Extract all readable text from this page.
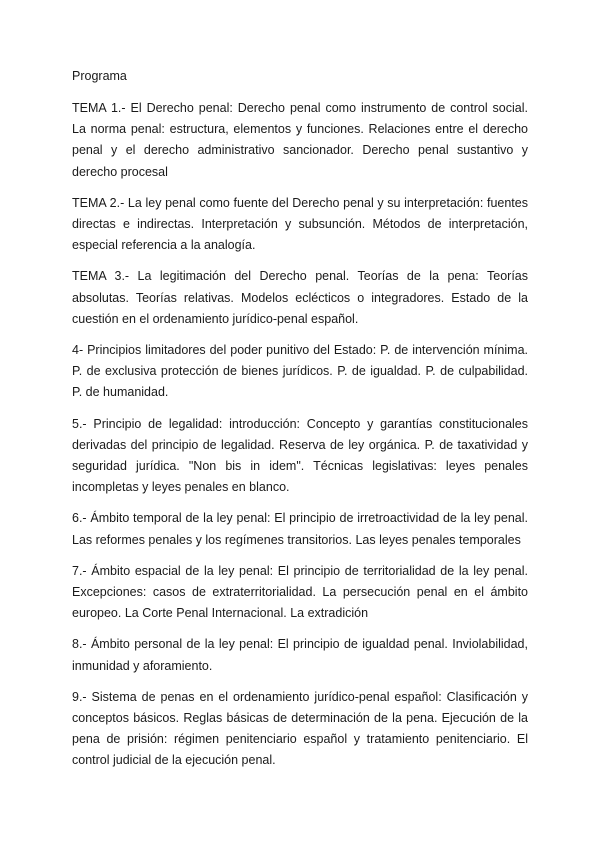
Programa
TEMA 1.- El Derecho penal: Derecho penal como instrumento de control social. La norma penal: estructura, elementos y funciones. Relaciones entre el derecho penal y el derecho administrativo sancionador. Derecho penal sustantivo y derecho procesal
TEMA 2.- La ley penal como fuente del Derecho penal y su interpretación: fuentes directas e indirectas. Interpretación y subsunción. Métodos de interpretación, especial referencia a la analogía.
TEMA 3.- La legitimación del Derecho penal. Teorías de la pena: Teorías absolutas. Teorías relativas. Modelos eclécticos o integradores. Estado de la cuestión en el ordenamiento jurídico-penal español.
4- Principios limitadores del poder punitivo del Estado: P. de intervención mínima. P. de exclusiva protección de bienes jurídicos. P. de igualdad. P. de culpabilidad. P. de humanidad.
5.- Principio de legalidad: introducción: Concepto y garantías constitucionales derivadas del principio de legalidad. Reserva de ley orgánica. P. de taxatividad y seguridad jurídica. "Non bis in idem". Técnicas legislativas: leyes penales incompletas y leyes penales en blanco.
6.- Ámbito temporal de la ley penal: El principio de irretroactividad de la ley penal. Las reformes penales y los regímenes transitorios. Las leyes penales temporales
7.- Ámbito espacial de la ley penal: El principio de territorialidad de la ley penal. Excepciones: casos de extraterritorialidad. La persecución penal en el ámbito europeo. La Corte Penal Internacional. La extradición
8.- Ámbito personal de la ley penal: El principio de igualdad penal. Inviolabilidad, inmunidad y aforamiento.
9.- Sistema de penas en el ordenamiento jurídico-penal español: Clasificación y conceptos básicos. Reglas básicas de determinación de la pena. Ejecución de la pena de prisión: régimen penitenciario español y tratamiento penitenciario. El control judicial de la ejecución penal.
